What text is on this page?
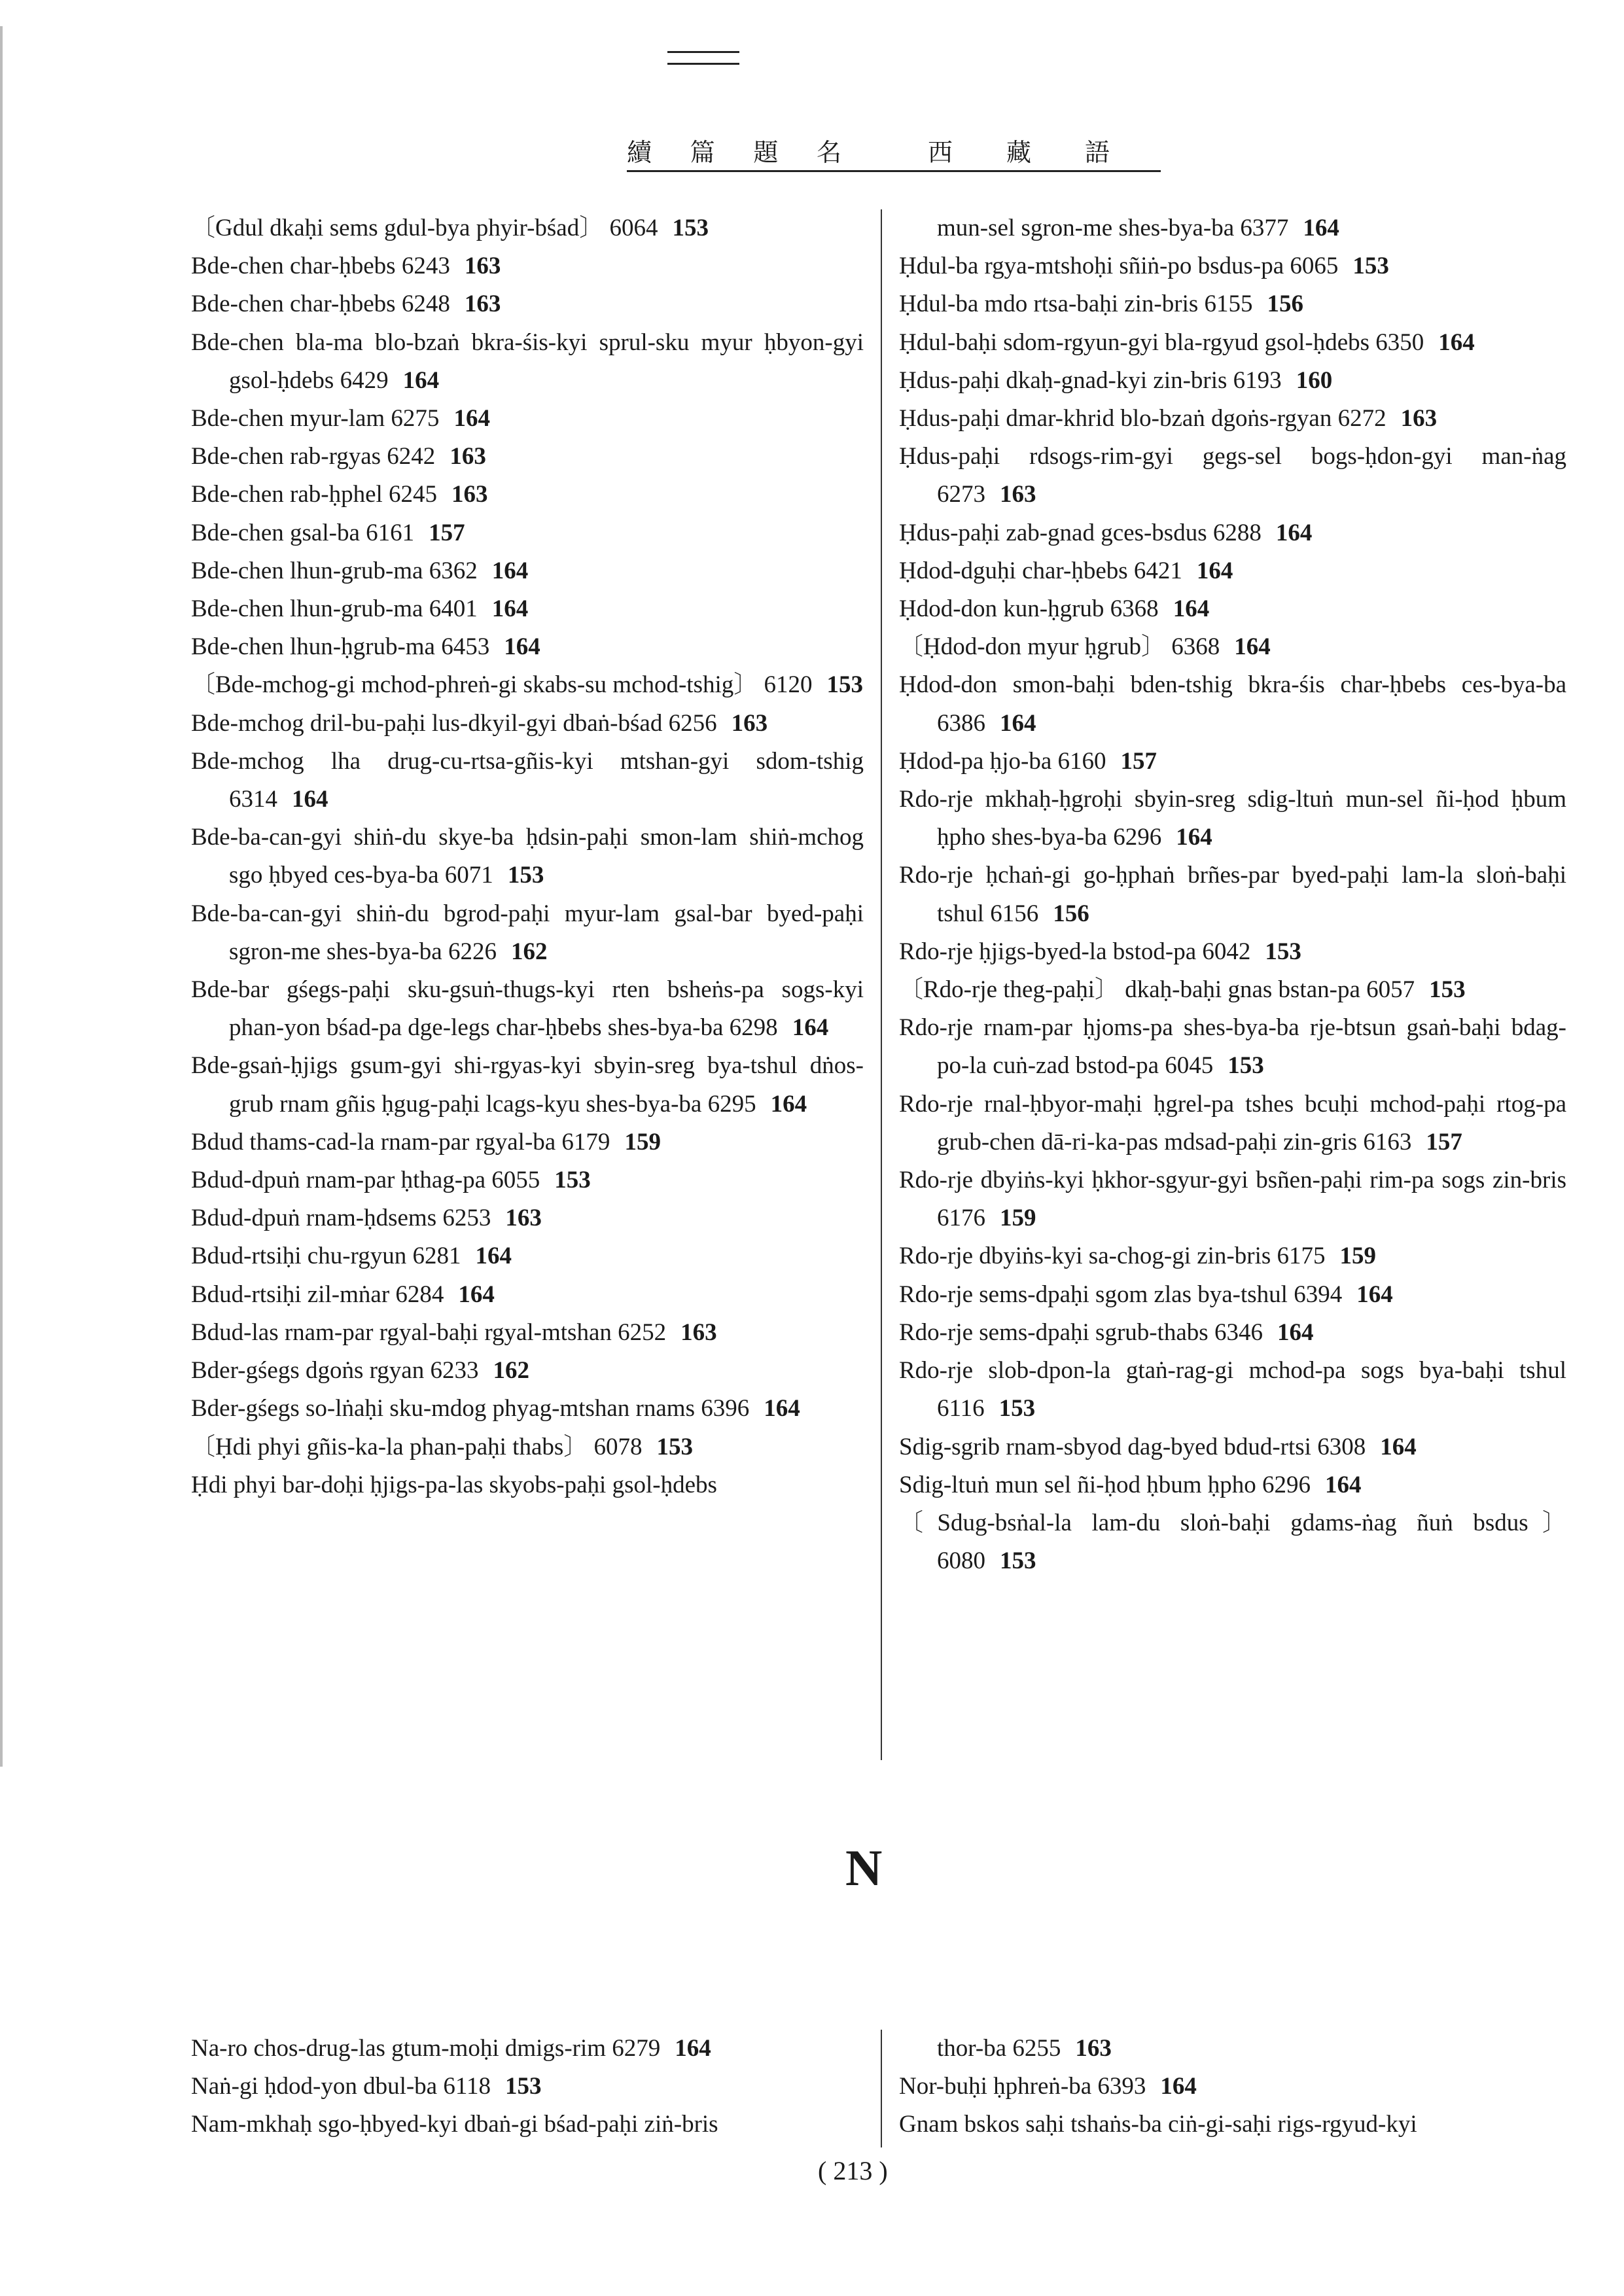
續 篇 題 名	西 藏 語
〔Gdul dkaḥi sems gdul-bya phyir-bśad〕 6064 153
Bde-chen char-ḥbebs 6243 163
Bde-chen char-ḥbebs 6248 163
Bde-chen bla-ma blo-bzaṅ bkra-śis-kyi sprul-sku myur ḥbyon-gyi gsol-ḥdebs 6429 164
Bde-chen myur-lam 6275 164
Bde-chen rab-rgyas 6242 163
Bde-chen rab-ḥphel 6245 163
Bde-chen gsal-ba 6161 157
Bde-chen lhun-grub-ma 6362 164
Bde-chen lhun-grub-ma 6401 164
Bde-chen lhun-ḥgrub-ma 6453 164
〔Bde-mchog-gi mchod-phreṅ-gi skabs-su mchod-tshig〕 6120 153
Bde-mchog dril-bu-paḥi lus-dkyil-gyi dbaṅ-bśad 6256 163
Bde-mchog lha drug-cu-rtsa-gñis-kyi mtshan-gyi sdom-tshig 6314 164
Bde-ba-can-gyi shiṅ-du skye-ba ḥdsin-paḥi smon-lam shiṅ-mchog sgo ḥbyed ces-bya-ba 6071 153
Bde-ba-can-gyi shiṅ-du bgrod-paḥi myur-lam gsal-bar byed-paḥi sgron-me shes-bya-ba 6226 162
Bde-bar gśegs-paḥi sku-gsuṅ-thugs-kyi rten bsheṅs-pa sogs-kyi phan-yon bśad-pa dge-legs char-ḥbebs shes-bya-ba 6298 164
Bde-gsaṅ-ḥjigs gsum-gyi shi-rgyas-kyi sbyin-sreg bya-tshul dṅos-grub rnam gñis ḥgug-paḥi lcags-kyu shes-bya-ba 6295 164
Bdud thams-cad-la rnam-par rgyal-ba 6179 159
Bdud-dpuṅ rnam-par ḥthag-pa 6055 153
Bdud-dpuṅ rnam-ḥdsems 6253 163
Bdud-rtsiḥi chu-rgyun 6281 164
Bdud-rtsiḥi zil-mṅar 6284 164
Bdud-las rnam-par rgyal-baḥi rgyal-mtshan 6252 163
Bder-gśegs dgoṅs rgyan 6233 162
Bder-gśegs so-lṅaḥi sku-mdog phyag-mtshan rnams 6396 164
〔Ḥdi phyi gñis-ka-la phan-paḥi thabs〕 6078 153
Ḥdi phyi bar-doḥi ḥjigs-pa-las skyobs-paḥi gsol-ḥdebs
mun-sel sgron-me shes-bya-ba 6377 164
Ḥdul-ba rgya-mtshoḥi sñiṅ-po bsdus-pa 6065 153
Ḥdul-ba mdo rtsa-baḥi zin-bris 6155 156
Ḥdul-baḥi sdom-rgyun-gyi bla-rgyud gsol-ḥdebs 6350 164
Ḥdus-paḥi dkaḥ-gnad-kyi zin-bris 6193 160
Ḥdus-paḥi dmar-khrid blo-bzaṅ dgoṅs-rgyan 6272 163
Ḥdus-paḥi rdsogs-rim-gyi gegs-sel bogs-ḥdon-gyi man-ṅag 6273 163
Ḥdus-paḥi zab-gnad gces-bsdus 6288 164
Ḥdod-dguḥi char-ḥbebs 6421 164
Ḥdod-don kun-ḥgrub 6368 164
〔Ḥdod-don myur ḥgrub〕 6368 164
Ḥdod-don smon-baḥi bden-tshig bkra-śis char-ḥbebs ces-bya-ba 6386 164
Ḥdod-pa ḥjo-ba 6160 157
Rdo-rje mkhaḥ-ḥgroḥi sbyin-sreg sdig-ltuṅ mun-sel ñi-ḥod ḥbum ḥpho shes-bya-ba 6296 164
Rdo-rje ḥchaṅ-gi go-ḥphaṅ brñes-par byed-paḥi lam-la sloṅ-baḥi tshul 6156 156
Rdo-rje ḥjigs-byed-la bstod-pa 6042 153
〔Rdo-rje theg-paḥi〕 dkaḥ-baḥi gnas bstan-pa 6057 153
Rdo-rje rnam-par ḥjoms-pa shes-bya-ba rje-btsun gsaṅ-baḥi bdag-po-la cuṅ-zad bstod-pa 6045 153
Rdo-rje rnal-ḥbyor-maḥi ḥgrel-pa tshes bcuḥi mchod-paḥi rtog-pa grub-chen dā-ri-ka-pas mdsad-paḥi zin-gris 6163 157
Rdo-rje dbyiṅs-kyi ḥkhor-sgyur-gyi bsñen-paḥi rim-pa sogs zin-bris 6176 159
Rdo-rje dbyiṅs-kyi sa-chog-gi zin-bris 6175 159
Rdo-rje sems-dpaḥi sgom zlas bya-tshul 6394 164
Rdo-rje sems-dpaḥi sgrub-thabs 6346 164
Rdo-rje slob-dpon-la gtaṅ-rag-gi mchod-pa sogs bya-baḥi tshul 6116 153
Sdig-sgrib rnam-sbyod dag-byed bdud-rtsi 6308 164
Sdig-ltuṅ mun sel ñi-ḥod ḥbum ḥpho 6296 164
〔Sdug-bsṅal-la lam-du sloṅ-baḥi gdams-ṅag ñuṅ bsdus〕 6080 153
N
Na-ro chos-drug-las gtum-moḥi dmigs-rim 6279 164
Naṅ-gi ḥdod-yon dbul-ba 6118 153
Nam-mkhaḥ sgo-ḥbyed-kyi dbaṅ-gi bśad-paḥi ziṅ-bris
thor-ba 6255 163
Nor-buḥi ḥphreṅ-ba 6393 164
Gnam bskos saḥi tshaṅs-ba ciṅ-gi-saḥi rigs-rgyud-kyi
( 213 )
